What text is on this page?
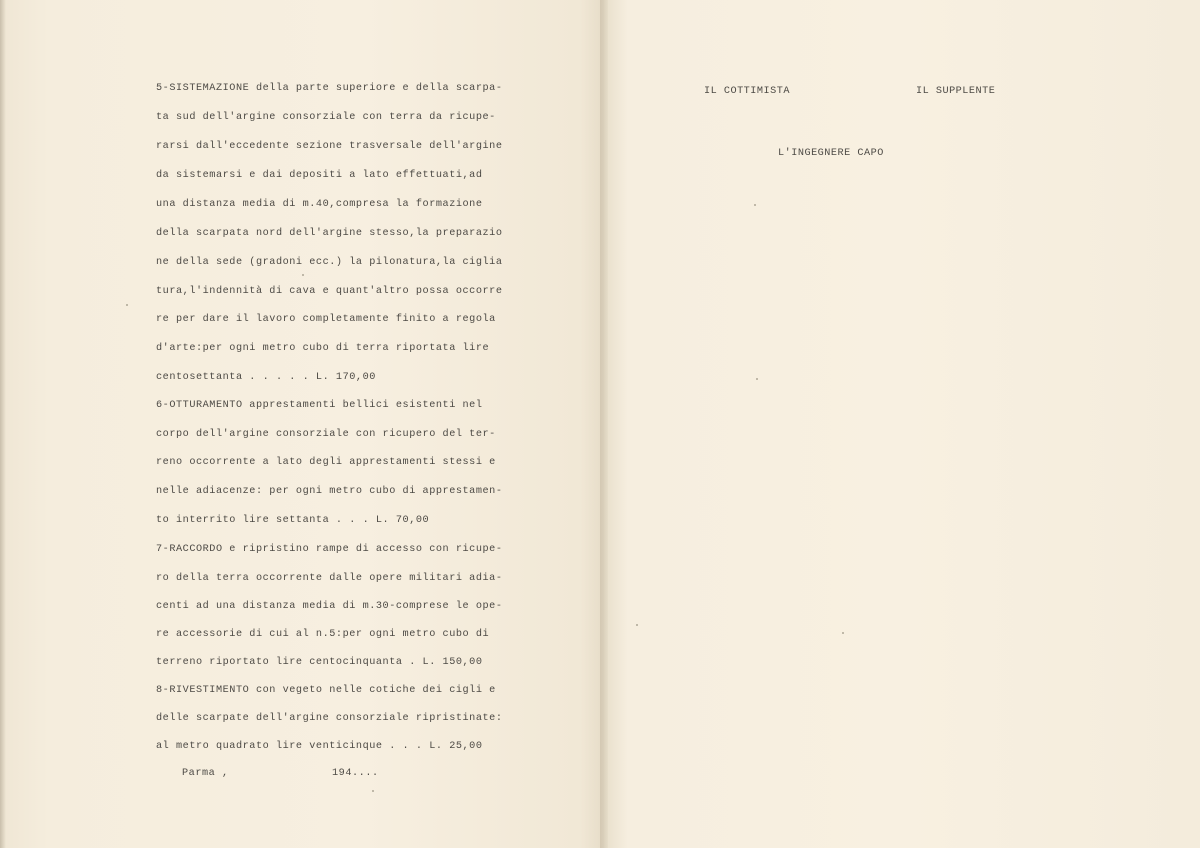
5-SISTEMAZIONE della parte superiore e della scarpa-
ta sud dell'argine consorziale con terra da ricupe-
rarsi dall'eccedente sezione trasversale dell'argine
da sistemarsi e dai depositi a lato effettuati,ad
una distanza media di m.40,compresa la formazione
della scarpata nord dell'argine stesso,la preparazio
ne della sede (gradoni ecc.) la pilonatura,la ciglia
tura,l'indennità di cava e quant'altro possa occorre
re per dare il lavoro completamente finito a regola
d'arte:per ogni metro cubo di terra riportata lire
centosettanta . . . . . L. 170,00
6-OTTURAMENTO apprestamenti bellici esistenti nel
corpo dell'argine consorziale con ricupero del ter-
reno occorrente a lato degli apprestamenti stessi e
nelle adiacenze: per ogni metro cubo di apprestamen-
to interrito lire settanta . . . L. 70,00
7-RACCORDO e ripristino rampe di accesso con ricupe-
ro della terra occorrente dalle opere militari adia-
centi ad una distanza media di m.30-comprese le ope-
re accessorie di cui al n.5:per ogni metro cubo di
terreno riportato lire centocinquanta . L. 150,00
8-RIVESTIMENTO con vegeto nelle cotiche dei cigli e
delle scarpate dell'argine consorziale ripristinate:
al metro quadrato lire venticinque . . . L. 25,00
Parma ,	194....
IL COTTIMISTA	IL SUPPLENTE
L'INGEGNERE CAPO
